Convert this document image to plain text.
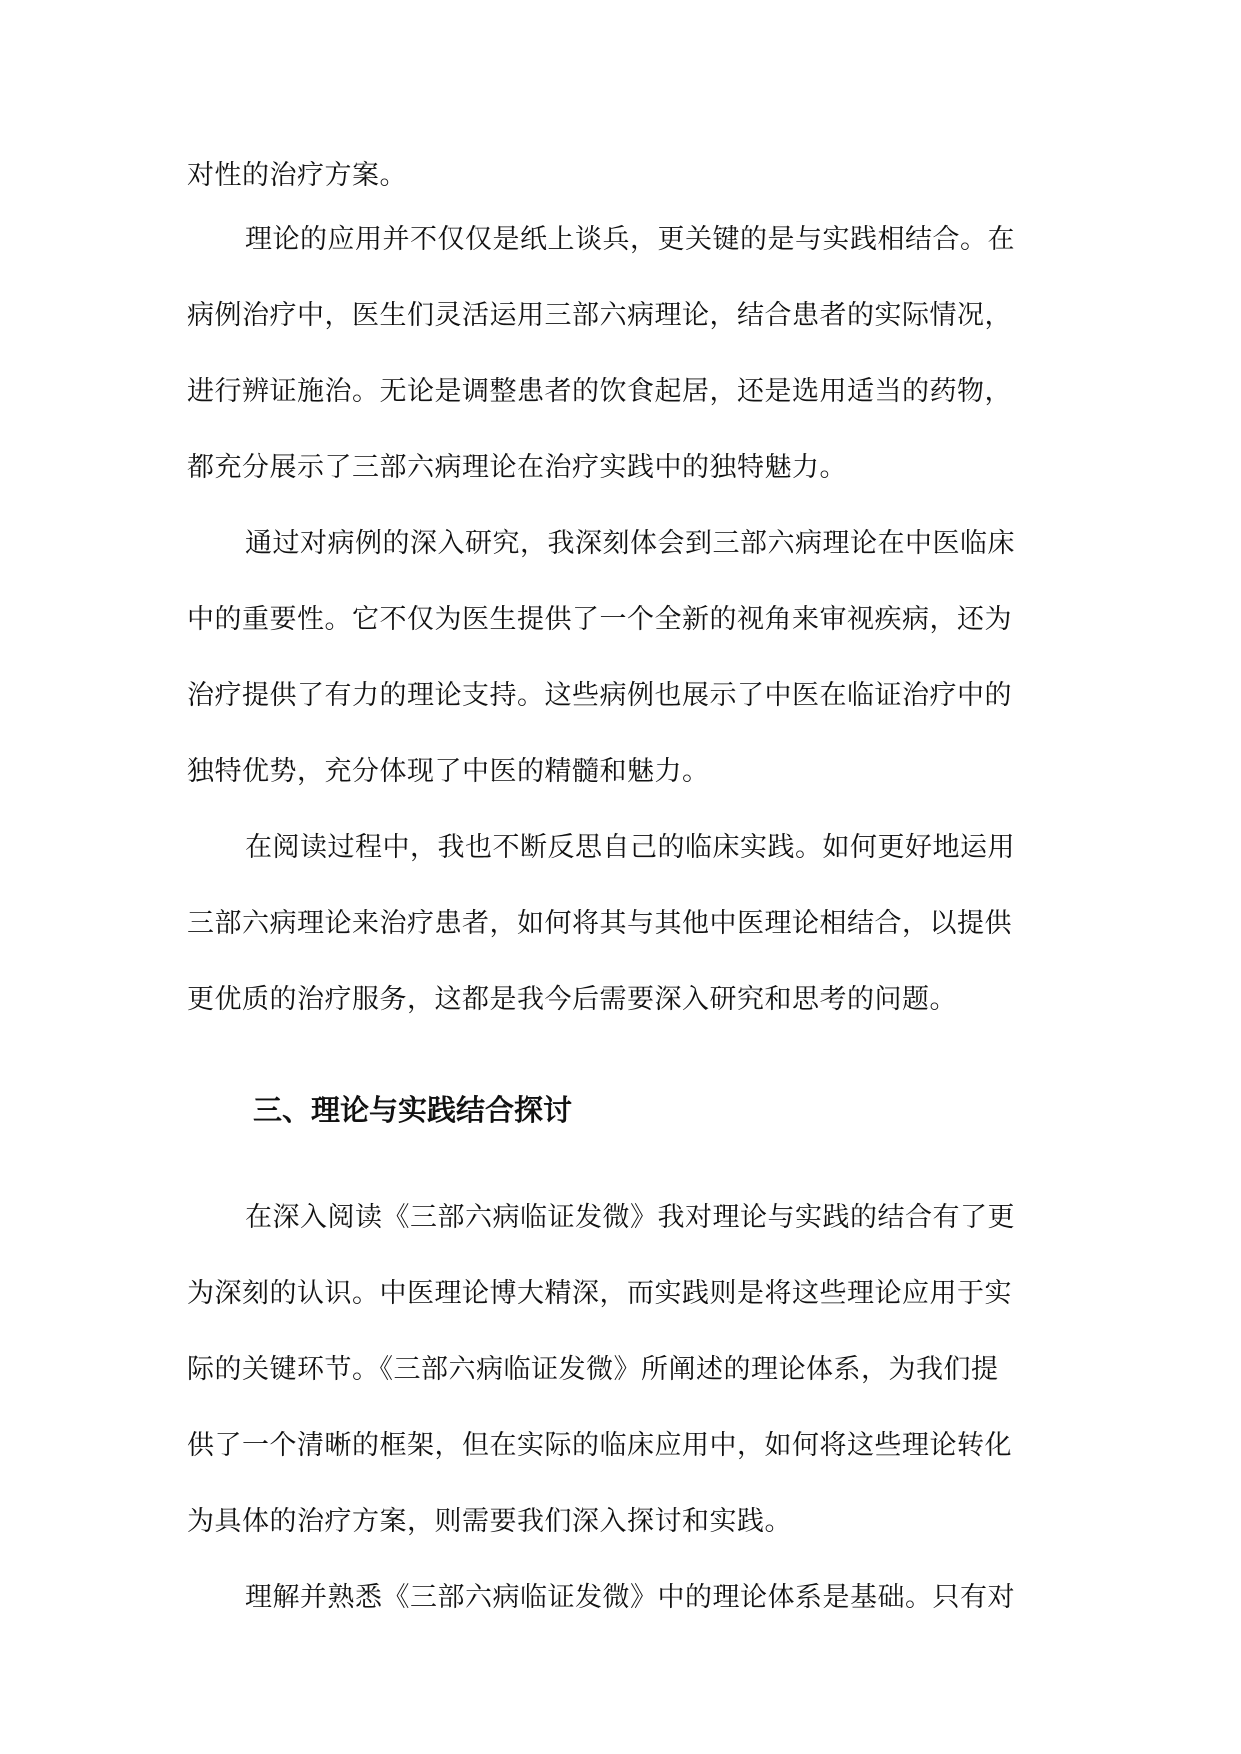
对性的治疗方案。
理论的应用并不仅仅是纸上谈兵，更关键的是与实践相结合。在
病例治疗中，医生们灵活运用三部六病理论，结合患者的实际情况，
进行辨证施治。无论是调整患者的饮食起居，还是选用适当的药物，
都充分展示了三部六病理论在治疗实践中的独特魅力。
通过对病例的深入研究，我深刻体会到三部六病理论在中医临床
中的重要性。它不仅为医生提供了一个全新的视角来审视疾病，还为
治疗提供了有力的理论支持。这些病例也展示了中医在临证治疗中的
独特优势，充分体现了中医的精髓和魅力。
在阅读过程中，我也不断反思自己的临床实践。如何更好地运用
三部六病理论来治疗患者，如何将其与其他中医理论相结合，以提供
更优质的治疗服务，这都是我今后需要深入研究和思考的问题。
三、理论与实践结合探讨
在深入阅读《三部六病临证发微》我对理论与实践的结合有了更
为深刻的认识。中医理论博大精深，而实践则是将这些理论应用于实
际的关键环节。《三部六病临证发微》所阐述的理论体系，为我们提
供了一个清晰的框架，但在实际的临床应用中，如何将这些理论转化
为具体的治疗方案，则需要我们深入探讨和实践。
理解并熟悉《三部六病临证发微》中的理论体系是基础。只有对
